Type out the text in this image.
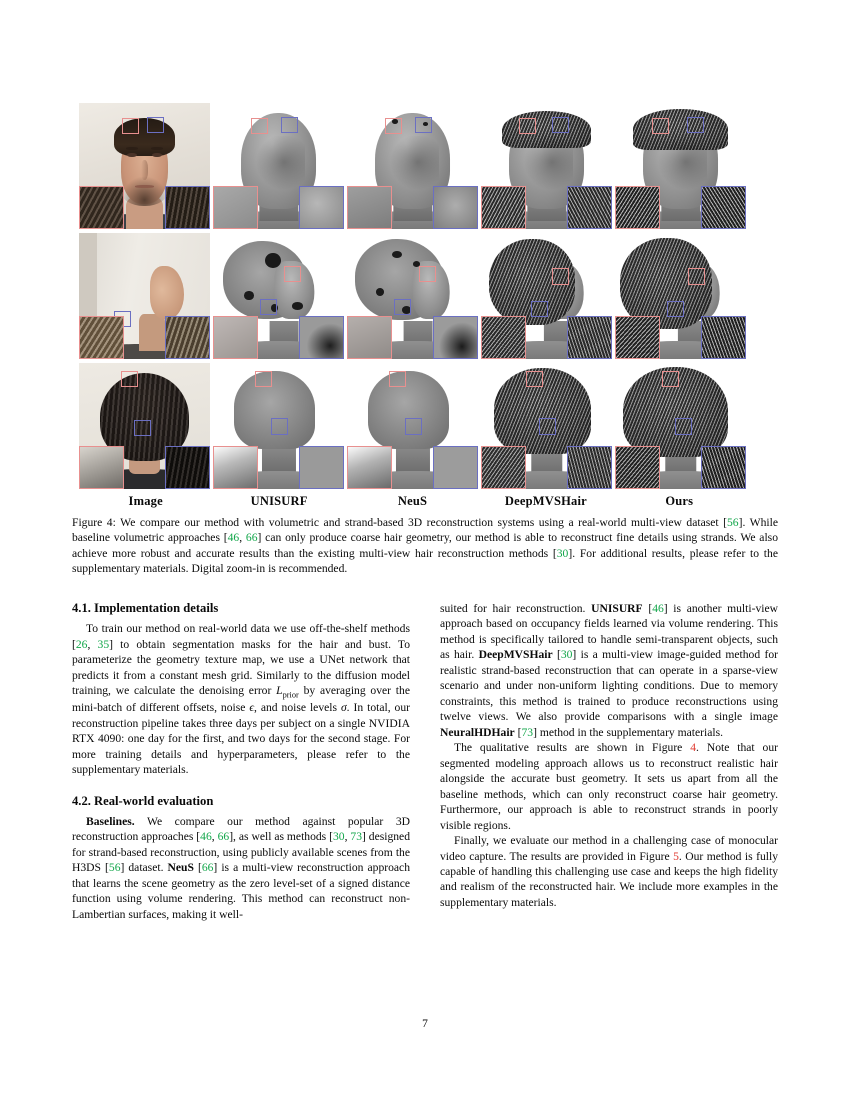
Image	UNISURF	NeuS	DeepMVSHair	Ours
Figure 4: We compare our method with volumetric and strand-based 3D reconstruction systems using a real-world multi-view dataset [56]. While baseline volumetric approaches [46, 66] can only produce coarse hair geometry, our method is able to reconstruct fine details using strands. We also achieve more robust and accurate results than the existing multi-view hair reconstruction methods [30]. For additional results, please refer to the supplementary materials. Digital zoom-in is recommended.
4.1. Implementation details

To train our method on real-world data we use off-the-shelf methods [26, 35] to obtain segmentation masks for the hair and bust. To parameterize the geometry texture map, we use a UNet network that predicts it from a constant mesh grid. Similarly to the diffusion model training, we calculate the denoising error $L_{prior}$ by averaging over the mini-batch of different offsets, noise ϵ, and noise levels σ. In total, our reconstruction pipeline takes three days per subject on a single NVIDIA RTX 4090: one day for the first, and two days for the second stage. For more training details and hyperparameters, please refer to the supplementary materials.

4.2. Real-world evaluation

Baselines. We compare our method against popular 3D reconstruction approaches [46, 66], as well as methods [30, 73] designed for strand-based reconstruction, using publicly available scenes from the H3DS [56] dataset. NeuS [66] is a multi-view reconstruction approach that learns the scene geometry as the zero level-set of a signed distance function using volume rendering. This method can reconstruct non-Lambertian surfaces, making it well-

suited for hair reconstruction. UNISURF [46] is another multi-view approach based on occupancy fields learned via volume rendering. This method is specifically tailored to handle semi-transparent objects, such as hair. DeepMVSHair [30] is a multi-view image-guided method for realistic strand-based reconstruction that can operate in a sparse-view scenario and under non-uniform lighting conditions. Due to memory constraints, this method is trained to produce reconstructions using twelve views. We also provide comparisons with a single image NeuralHDHair [73] method in the supplementary materials.

The qualitative results are shown in Figure 4. Note that our segmented modeling approach allows us to reconstruct realistic hair alongside the accurate bust geometry. It sets us apart from all the baseline methods, which can only reconstruct coarse hair geometry. Furthermore, our approach is able to reconstruct strands in poorly visible regions.

Finally, we evaluate our method in a challenging case of monocular video capture. The results are provided in Figure 5. Our method is fully capable of handling this challenging use case and keeps the high fidelity and realism of the reconstructed hair. We include more examples in the supplementary materials.

7
